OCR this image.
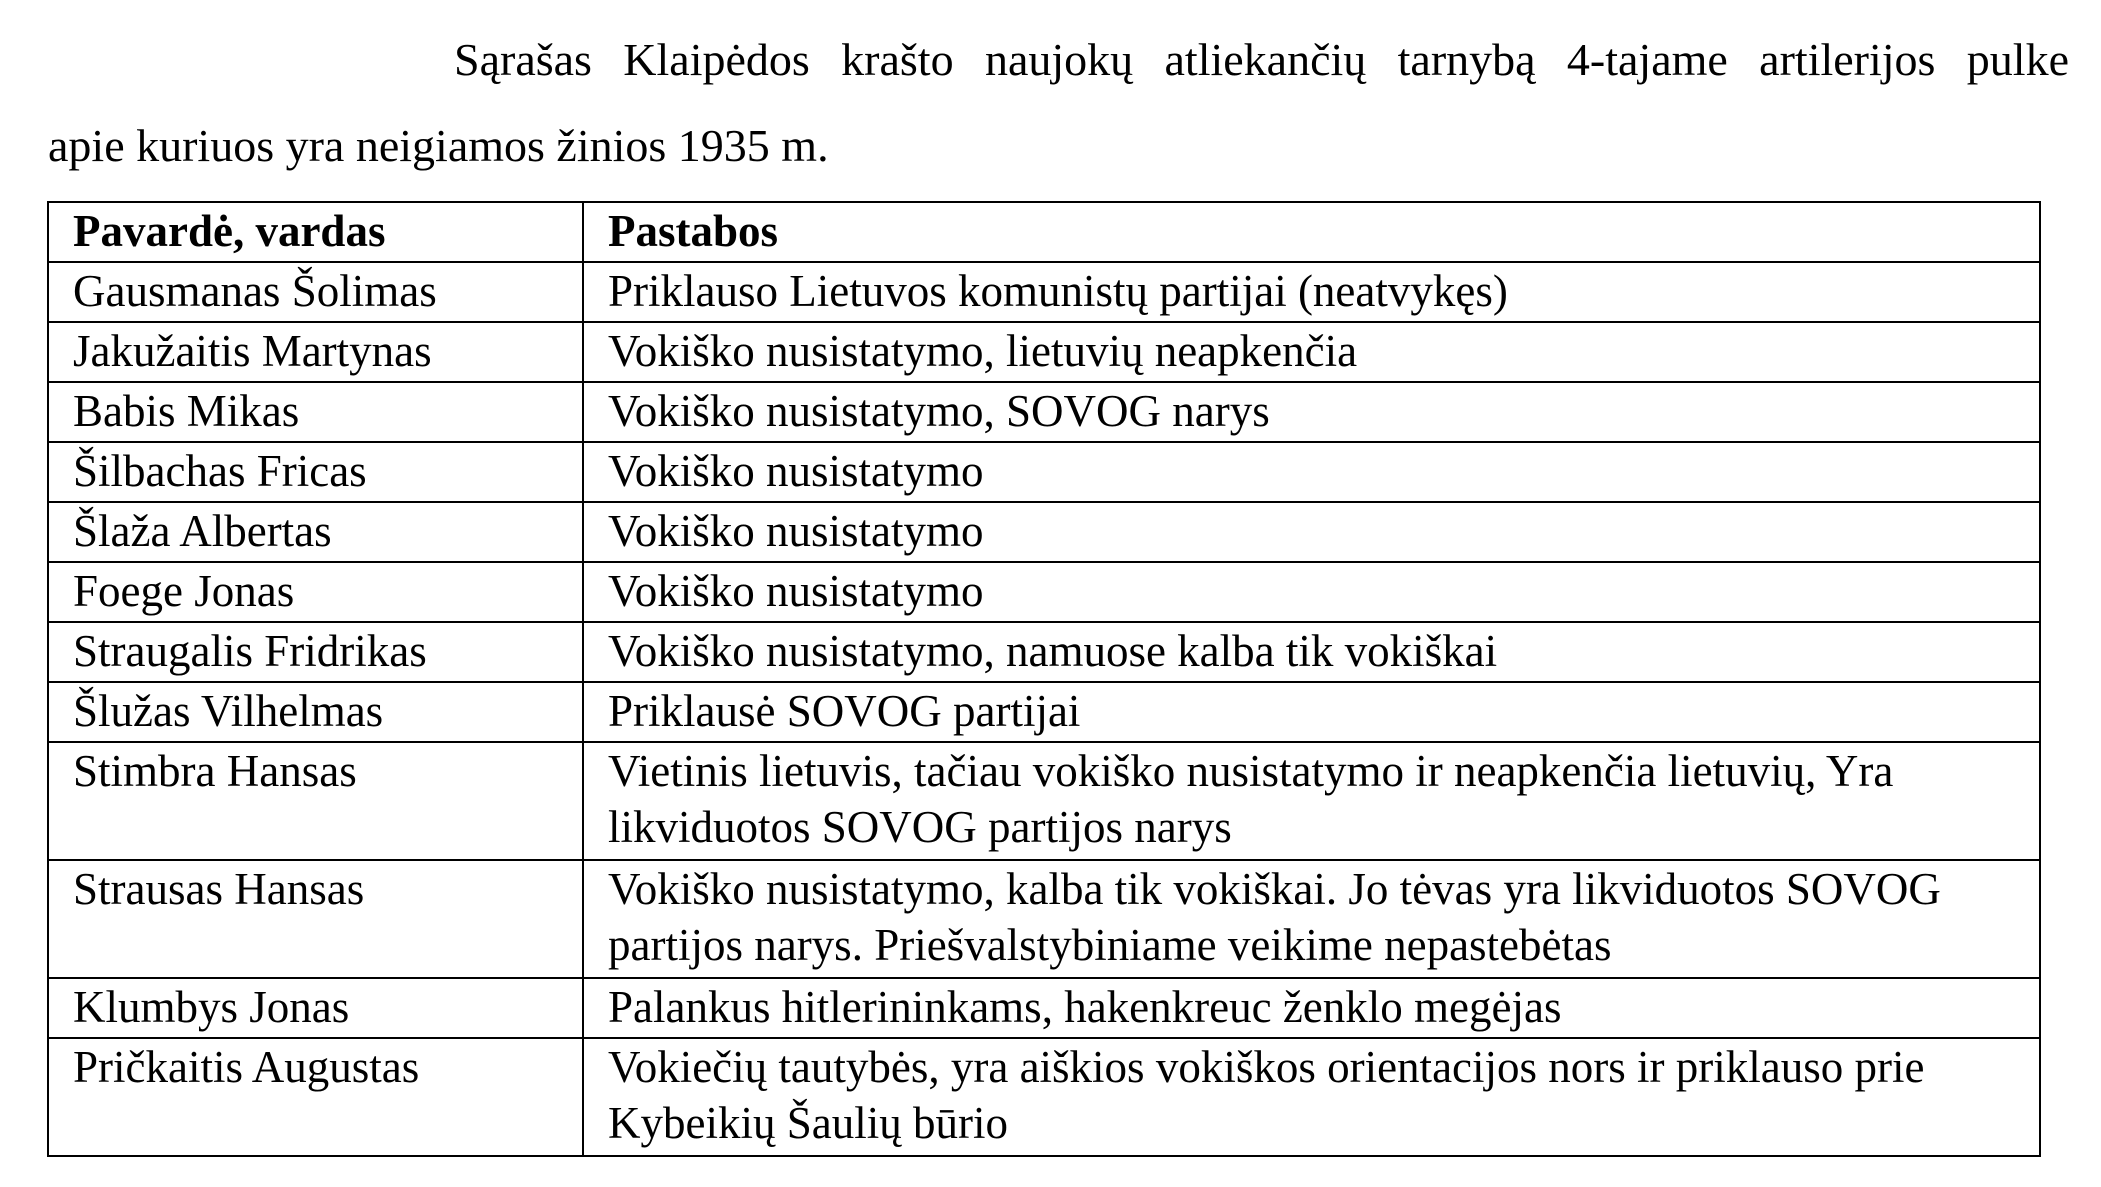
Sąrašas Klaipėdos krašto naujokų atliekančių tarnybą 4-tajame artilerijos pulke
apie kuriuos yra neigiamos žinios 1935 m.
Pavardė, vardas	Pastabos
Gausmanas Šolimas	Priklauso Lietuvos komunistų partijai (neatvykęs)
Jakužaitis Martynas	Vokiško nusistatymo, lietuvių neapkenčia
Babis Mikas	Vokiško nusistatymo, SOVOG narys
Šilbachas Fricas	Vokiško nusistatymo
Šlaža Albertas	Vokiško nusistatymo
Foege Jonas	Vokiško nusistatymo
Straugalis Fridrikas	Vokiško nusistatymo, namuose kalba tik vokiškai
Šlužas Vilhelmas	Priklausė SOVOG partijai
Stimbra Hansas	Vietinis lietuvis, tačiau vokiško nusistatymo ir neapkenčia lietuvių, Yra likviduotos SOVOG partijos narys
Strausas Hansas	Vokiško nusistatymo, kalba tik vokiškai. Jo tėvas yra likviduotos SOVOG partijos narys. Priešvalstybiniame veikime nepastebėtas
Klumbys Jonas	Palankus hitlerininkams, hakenkreuc ženklo megėjas
Pričkaitis Augustas	Vokiečių tautybės, yra aiškios vokiškos orientacijos nors ir priklauso prie Kybeikių Šaulių būrio
